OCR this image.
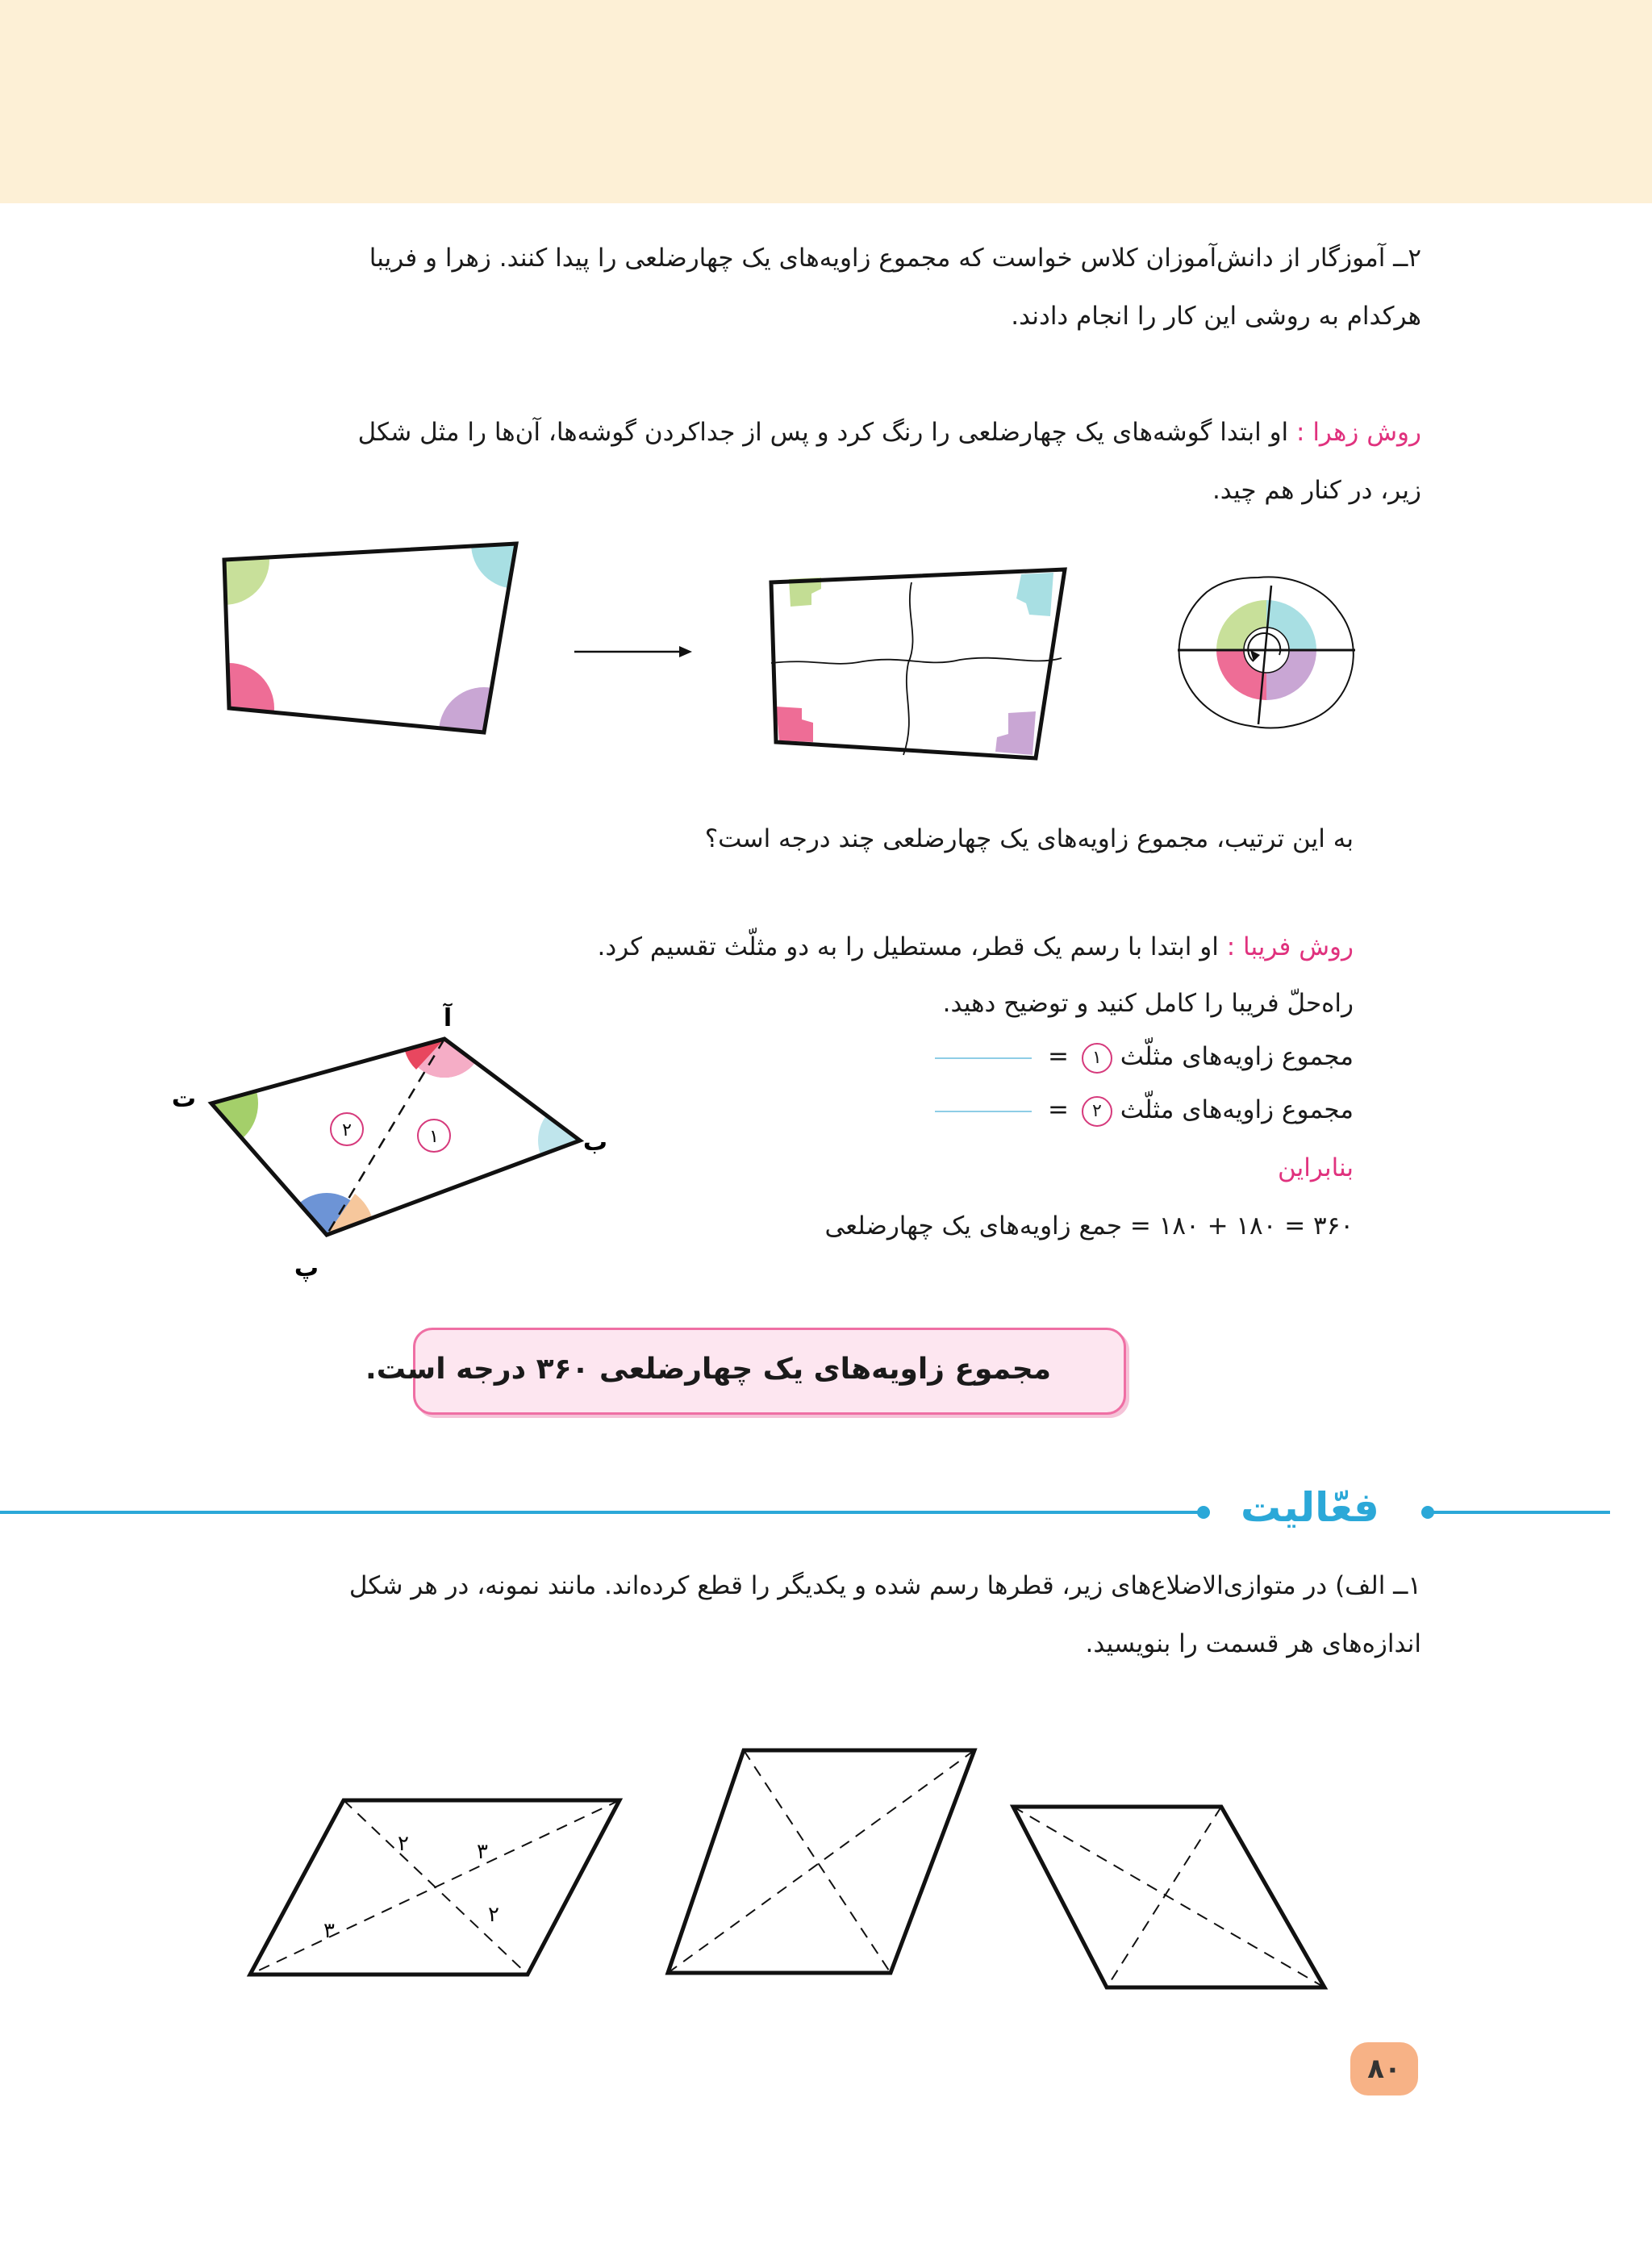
۲ــ آموزگار از دانش‌آموزان کلاس خواست که مجموع زاویه‌های یک چهارضلعی را پیدا کنند. زهرا و فریبا
هرکدام به روشی این کار را انجام دادند.
روش زهرا : او ابتدا گوشه‌های یک چهارضلعی را رنگ کرد و پس از جداکردن گوشه‌ها، آن‌ها را مثل شکل
زیر، در کنار هم چید.
به این ترتیب، مجموع زاویه‌های یک چهارضلعی چند درجه است؟
روش فریبا : او ابتدا با رسم یک قطر، مستطیل را به دو مثلّث تقسیم کرد.
راه‌حلّ فریبا را کامل کنید و توضیح دهید.
مجموع زاویه‌های مثلّث ۱ =
مجموع زاویه‌های مثلّث ۲ =
بنابراین
۳۶۰ = ۱۸۰ + ۱۸۰ = جمع زاویه‌های یک چهارضلعی
۲	۱
آ
ب
پ
ت
مجموع زاویه‌های یک چهارضلعی ۳۶۰ درجه است.
فعّالیت
۱ــ الف) در متوازی‌الاضلاع‌های زیر، قطرها رسم شده و یکدیگر را قطع کرده‌اند. مانند نمونه، در هر شکل
اندازه‌های هر قسمت را بنویسید.
۲	۳
۳
۲
۸۰
